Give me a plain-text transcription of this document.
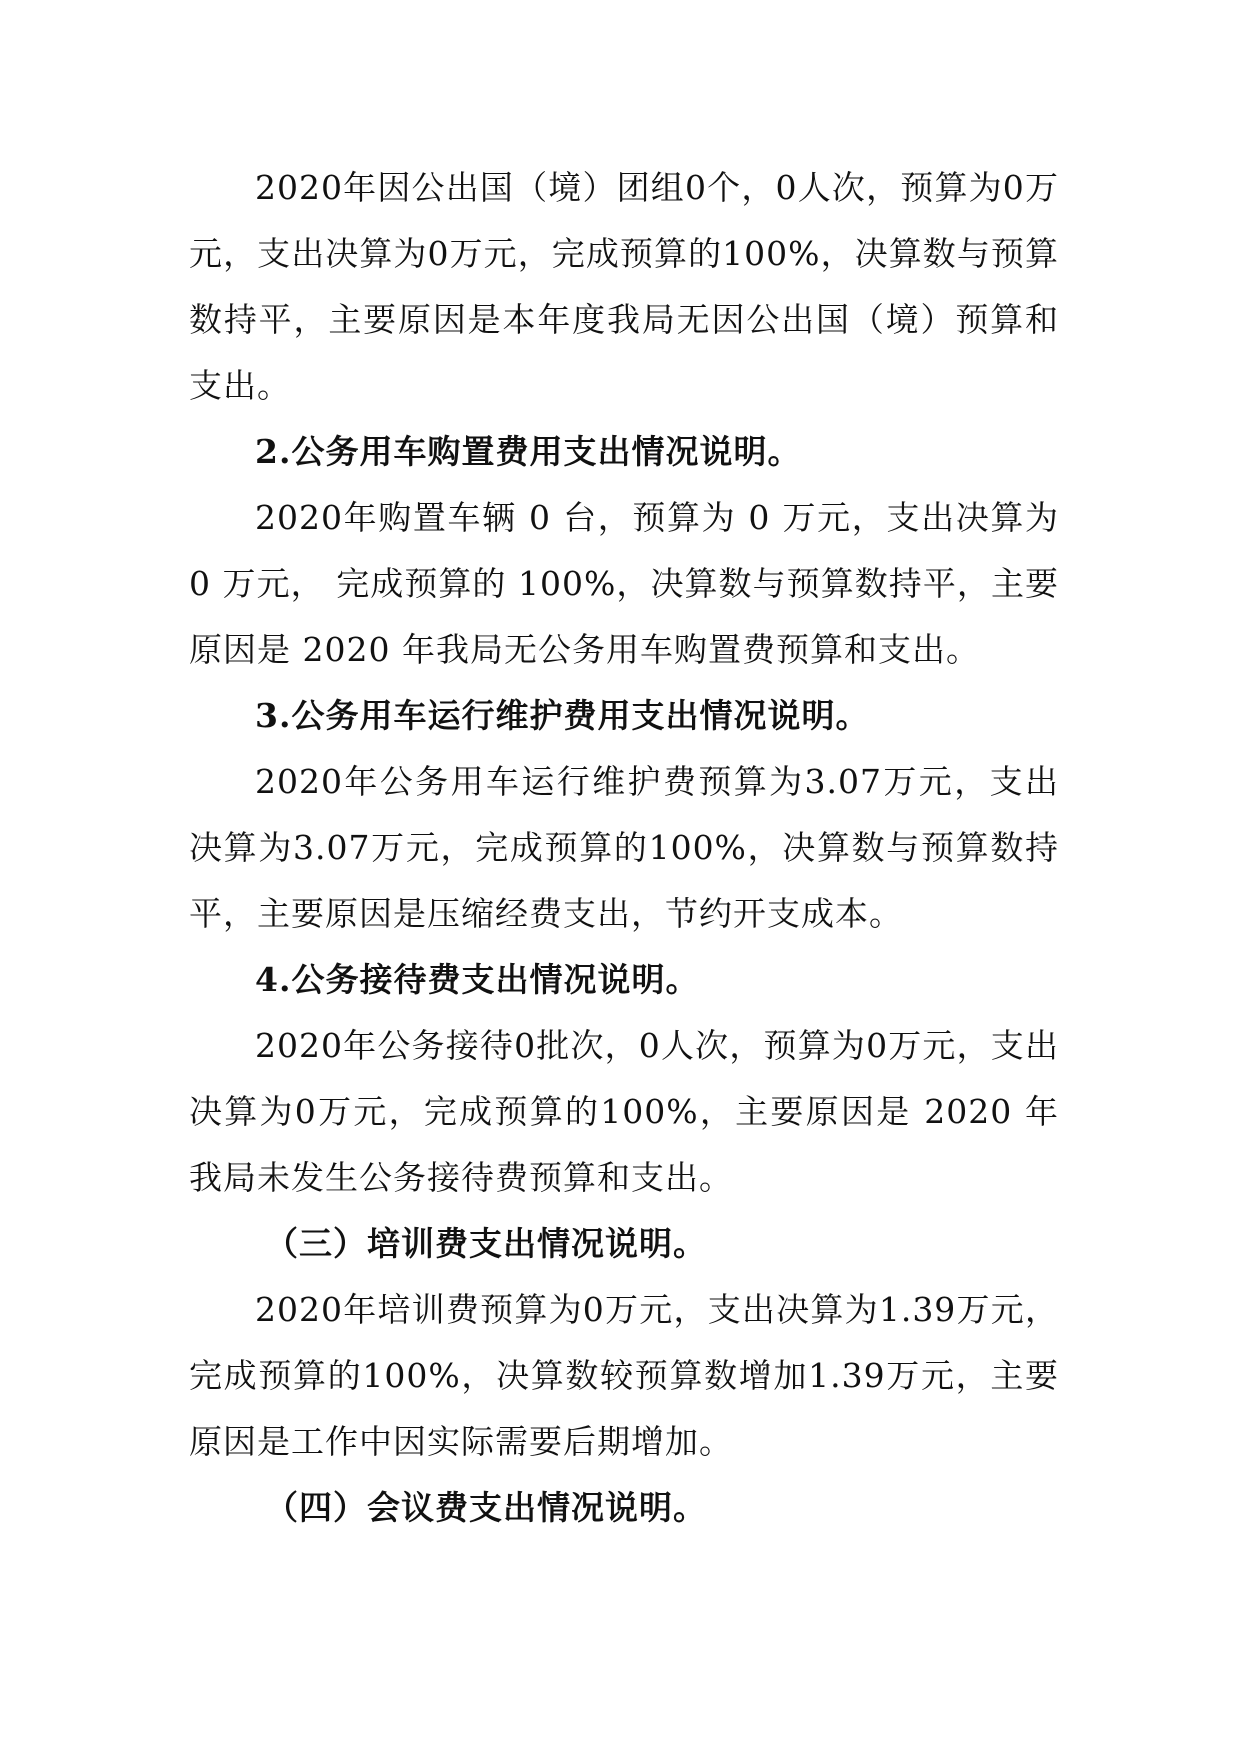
2020年因公出国（境）团组0个，0人次，预算为0万元，支出决算为0万元，完成预算的100%，决算数与预算数持平，主要原因是本年度我局无因公出国（境）预算和支出。

2.公务用车购置费用支出情况说明。

2020年购置车辆 0 台，预算为 0 万元，支出决算为 0 万元， 完成预算的 100%，决算数与预算数持平，主要原因是 2020 年我局无公务用车购置费预算和支出。

3.公务用车运行维护费用支出情况说明。

2020年公务用车运行维护费预算为3.07万元，支出决算为3.07万元，完成预算的100%，决算数与预算数持平，主要原因是压缩经费支出，节约开支成本。

4.公务接待费支出情况说明。

2020年公务接待0批次，0人次，预算为0万元，支出决算为0万元，完成预算的100%，主要原因是 2020 年我局未发生公务接待费预算和支出。

（三）培训费支出情况说明。

2020年培训费预算为0万元，支出决算为1.39万元，完成预算的100%，决算数较预算数增加1.39万元，主要原因是工作中因实际需要后期增加。

（四）会议费支出情况说明。
